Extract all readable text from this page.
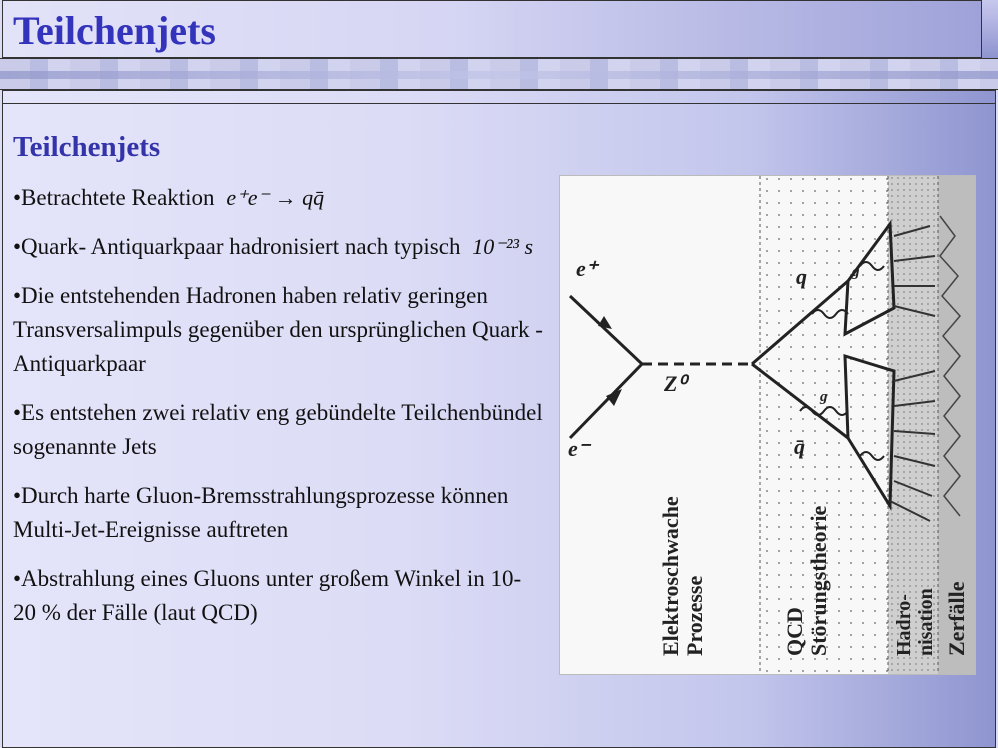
Teilchenjets
Teilchenjets
•Betrachtete Reaktion e⁺e⁻ → qq̄
•Quark- Antiquarkpaar hadronisiert nach typisch 10⁻²³ s
•Die entstehenden Hadronen haben relativ geringen Transversalimpuls gegenüber den ursprünglichen Quark - Antiquarkpaar
•Es entstehen zwei relativ eng gebündelte Teilchenbündel sogenannte Jets
•Durch harte Gluon-Bremsstrahlungsprozesse können Multi-Jet-Ereignisse auftreten
•Abstrahlung eines Gluons unter großem Winkel in 10-20 % der Fälle (laut QCD)
e⁺
e⁻
Z⁰
q
q̄
g
g
Elektroschwache Prozesse	QCD Störungstheorie	Hadro- nisation Zerfälle
